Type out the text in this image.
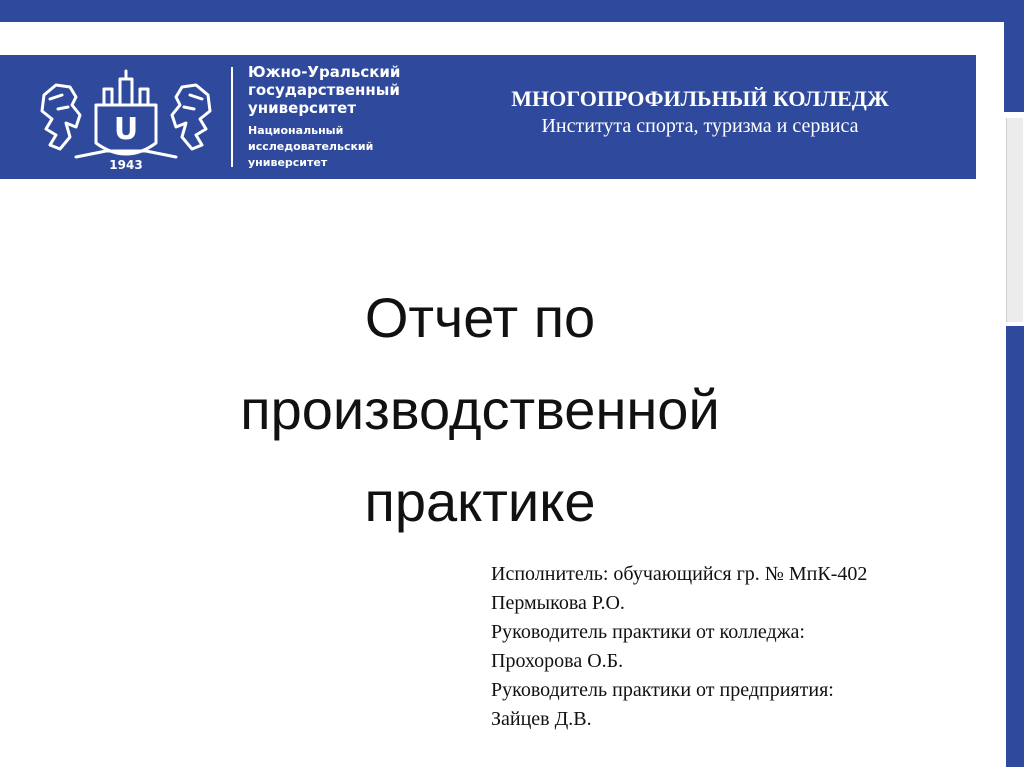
U
1943
Южно-Уральский
государственный
университет
Национальный
исследовательский
университет
МНОГОПРОФИЛЬНЫЙ КОЛЛЕДЖ
Института спорта, туризма и сервиса
Отчет по
производственной
практике
Исполнитель: обучающийся гр. № МпК-402
Пермыкова Р.О.
Руководитель практики от колледжа:
Прохорова О.Б.
Руководитель практики от предприятия:
Зайцев Д.В.
